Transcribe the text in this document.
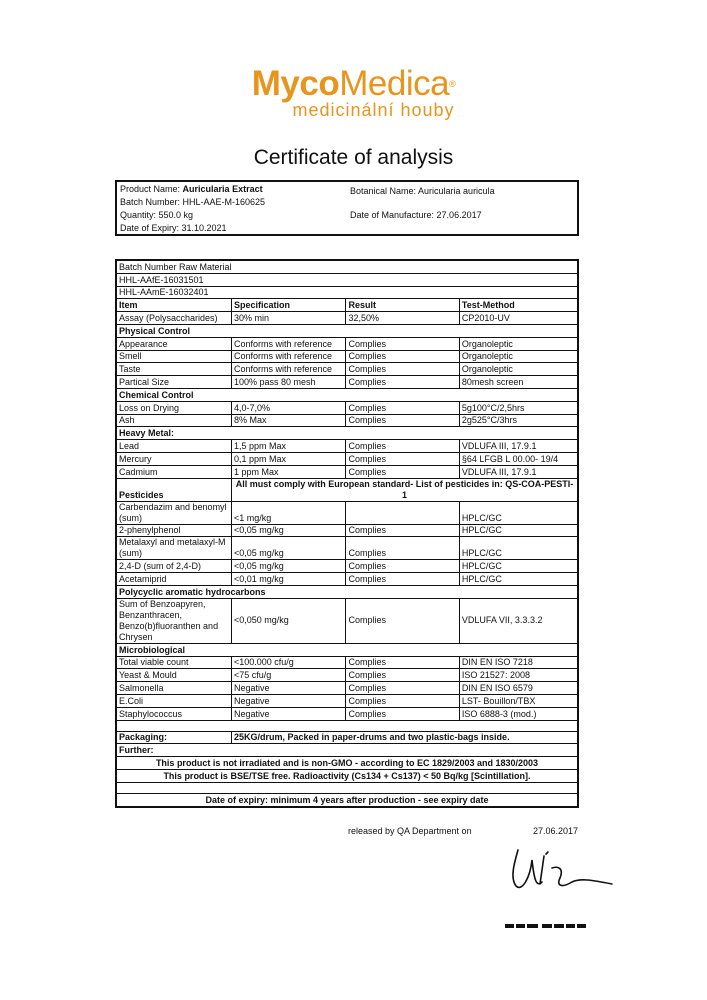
MycoMedica®
medicinální houby
Certificate of analysis
Product Name: Auricularia Extract	Botanical Name: Auricularia auricula
Batch Number: HHL-AAE-M-160625
Quantity: 550.0 kg	Date of Manufacture: 27.06.2017
Date of Expiry: 31.10.2021
Batch Number Raw Material			
HHL-AAfE-16031501			
HHL-AAmE-16032401			
Item	Specification	Result	Test-Method
Assay (Polysaccharides)	30% min	32,50%	CP2010-UV
Physical Control			
Appearance	Conforms with reference	Complies	Organoleptic
Smell	Conforms with reference	Complies	Organoleptic
Taste	Conforms with reference	Complies	Organoleptic
Partical Size	100% pass 80 mesh	Complies	80mesh screen
Chemical Control			
Loss on Drying	4,0-7,0%	Complies	5g100°C/2,5hrs
Ash	8% Max	Complies	2g525°C/3hrs
Heavy Metal:			
Lead	1,5 ppm Max	Complies	VDLUFA III, 17.9.1
Mercury	0,1 ppm Max	Complies	§64 LFGB L 00.00- 19/4
Cadmium	1 ppm Max	Complies	VDLUFA III, 17.9.1
Pesticides	All must comply with European standard- List of pesticides in: QS-COA-PESTI-1		
Carbendazim and benomyl
(sum)	<1 mg/kg		HPLC/GC
2-phenylphenol	<0,05 mg/kg	Complies	HPLC/GC
Metalaxyl and metalaxyl-M
(sum)	<0,05 mg/kg	Complies	HPLC/GC
2,4-D (sum of 2,4-D)	<0,05 mg/kg	Complies	HPLC/GC
Acetamiprid	<0,01 mg/kg	Complies	HPLC/GC
Polycyclic aromatic hydrocarbons			
Sum of Benzoapyren,
Benzanthracen,
Benzo(b)fluoranthen and
Chrysen	<0,050 mg/kg	Complies	VDLUFA VII, 3.3.3.2
Microbiological			
Total viable count	<100.000 cfu/g	Complies	DIN EN ISO 7218
Yeast & Mould	<75 cfu/g	Complies	ISO 21527: 2008
Salmonella	Negative	Complies	DIN EN ISO 6579
E.Coli	Negative	Complies	LST- Bouillon/TBX
Staphylococcus	Negative	Complies	ISO 6888-3 (mod.)

Packaging:	25KG/drum, Packed in paper-drums and two plastic-bags inside.		
Further:			
This product is not irradiated and is non-GMO - according to EC 1829/2003 and 1830/2003			
This product is BSE/TSE free. Radioactivity (Cs134 + Cs137) < 50 Bq/kg [Scintillation].			

Date of expiry: minimum 4 years after production - see expiry date			
released by QA Department on	27.06.2017
